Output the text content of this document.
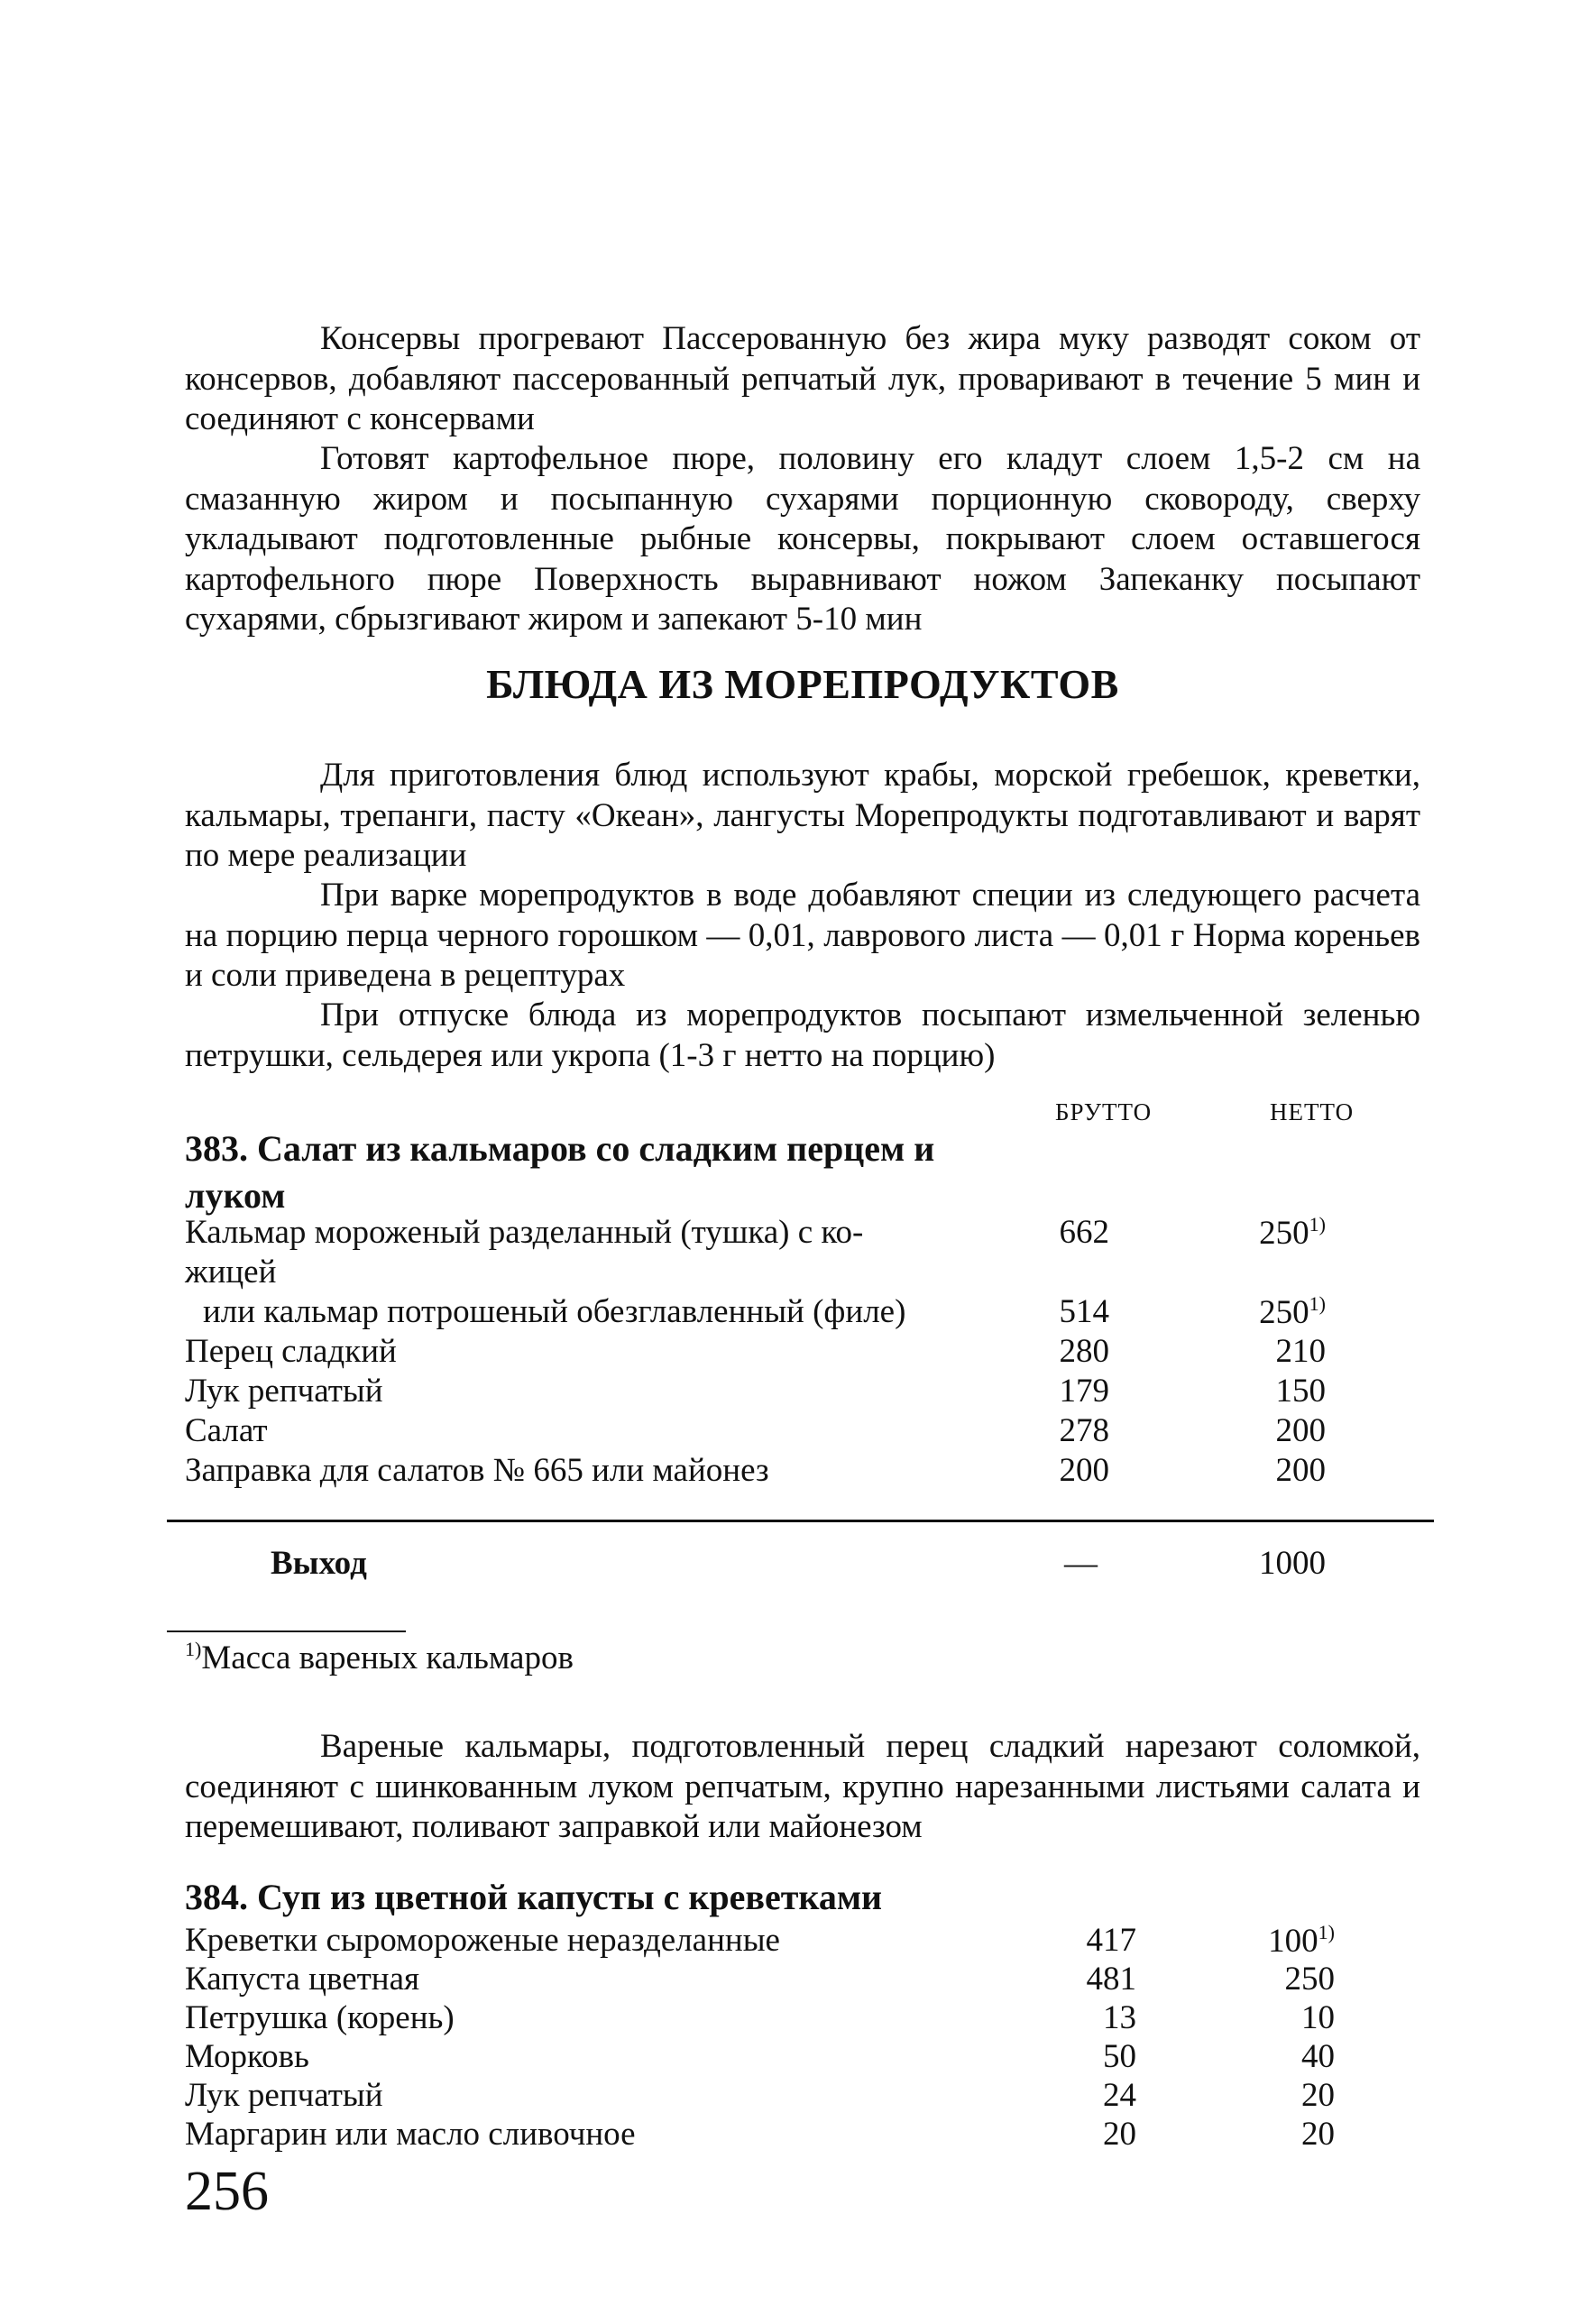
Консервы прогревают Пассерованную без жира муку разводят соком от консервов, добавляют пассерованный репчатый лук, проваривают в течение 5 мин и соединяют с консервами
Готовят картофельное пюре, половину его кладут слоем 1,5-2 см на смазанную жиром и посыпанную сухарями порционную сковороду, сверху укладывают подготовленные рыбные консервы, покрывают слоем оставшегося картофельного пюре Поверхность выравнивают ножом Запеканку посыпают сухарями, сбрызгивают жиром и запекают 5-10 мин
БЛЮДА ИЗ МОРЕПРОДУКТОВ
Для приготовления блюд используют крабы, морской гребешок, креветки, кальмары, трепанги, пасту «Океан», лангусты Морепродукты подготавливают и варят по мере реализации
При варке морепродуктов в воде добавляют специи из следующего расчета на порцию перца черного горошком — 0,01, лаврового листа — 0,01 г Норма кореньев и соли приведена в рецептурах
При отпуске блюда из морепродуктов посыпают измельченной зеленью петрушки, сельдерея или укропа (1-3 г нетто на порцию)
БРУТТО	НЕТТО
383. Салат из кальмаров со сладким перцем и луком
Кальмар мороженый разделанный (тушка) с ко-	662	250$^{1)}$
жицей
или кальмар потрошеный обезглавленный (филе)	514	250$^{1)}$
Перец сладкий	280	210
Лук репчатый	179	150
Салат	278	200
Заправка для салатов № 665 или майонез	200	200
Выход	—	1000
$^{1)}$Масса вареных кальмаров
Вареные кальмары, подготовленный перец сладкий нарезают соломкой, соединяют с шинкованным луком репчатым, крупно нарезанными листьями салата и перемешивают, поливают заправкой или майонезом
384. Суп из цветной капусты с креветками
Креветки сыромороженые неразделанные	417	100$^{1)}$
Капуста цветная	481	250
Петрушка (корень)	13	10
Морковь	50	40
Лук репчатый	24	20
Маргарин или масло сливочное	20	20
256
